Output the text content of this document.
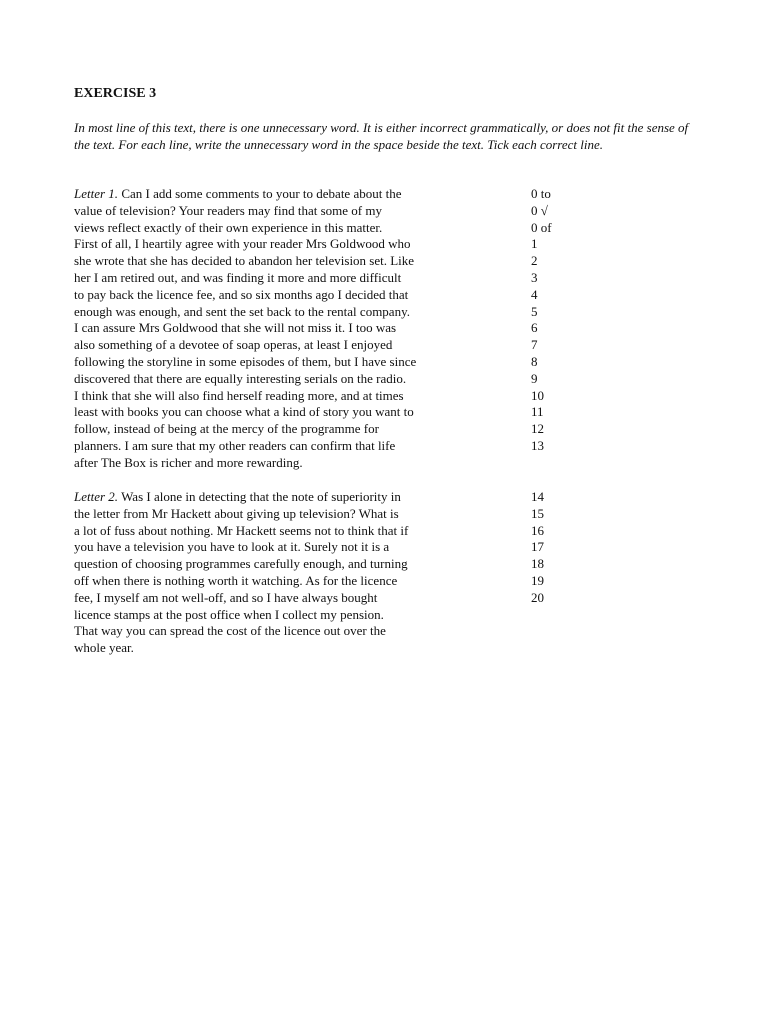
EXERCISE 3
In most line of this text, there is one unnecessary word. It is either incorrect grammatically, or does not fit the sense of the text. For each line, write the unnecessary word in the space beside the text. Tick each correct line.
Letter 1. Can I add some comments to your to debate about the	0 to
value of television? Your readers may find that some of my	0 √
views reflect exactly of their own experience in this matter.	0 of
First of all, I heartily agree with your reader Mrs Goldwood who	1
she wrote that she has decided to abandon her television set. Like	2
her I am retired out, and was finding it more and more difficult	3
to pay back the licence fee, and so six months ago I decided that	4
enough was enough, and sent the set back to the rental company.	5
I can assure Mrs Goldwood that she will not miss it. I too was	6
also something of a devotee of soap operas, at least I enjoyed	7
following the storyline in some episodes of them, but I have since	8
discovered that there are equally interesting serials on the radio.	9
I think that she will also find herself reading more, and at times	10
least with books you can choose what a kind of story you want to	11
follow, instead of being at the mercy of the programme for	12
planners. I am sure that my other readers can confirm that life	13
after The Box is richer and more rewarding.
Letter 2. Was I alone in detecting that the note of superiority in	14
the letter from Mr Hackett about giving up television? What is	15
a lot of fuss about nothing. Mr Hackett seems not to think that if	16
you have a television you have to look at it. Surely not it is a	17
question of choosing programmes carefully enough, and turning	18
off when there is nothing worth it watching. As for the licence	19
fee, I myself am not well-off, and so I have always bought	20
licence stamps at the post office when I collect my pension.
That way you can spread the cost of the licence out over the
whole year.
